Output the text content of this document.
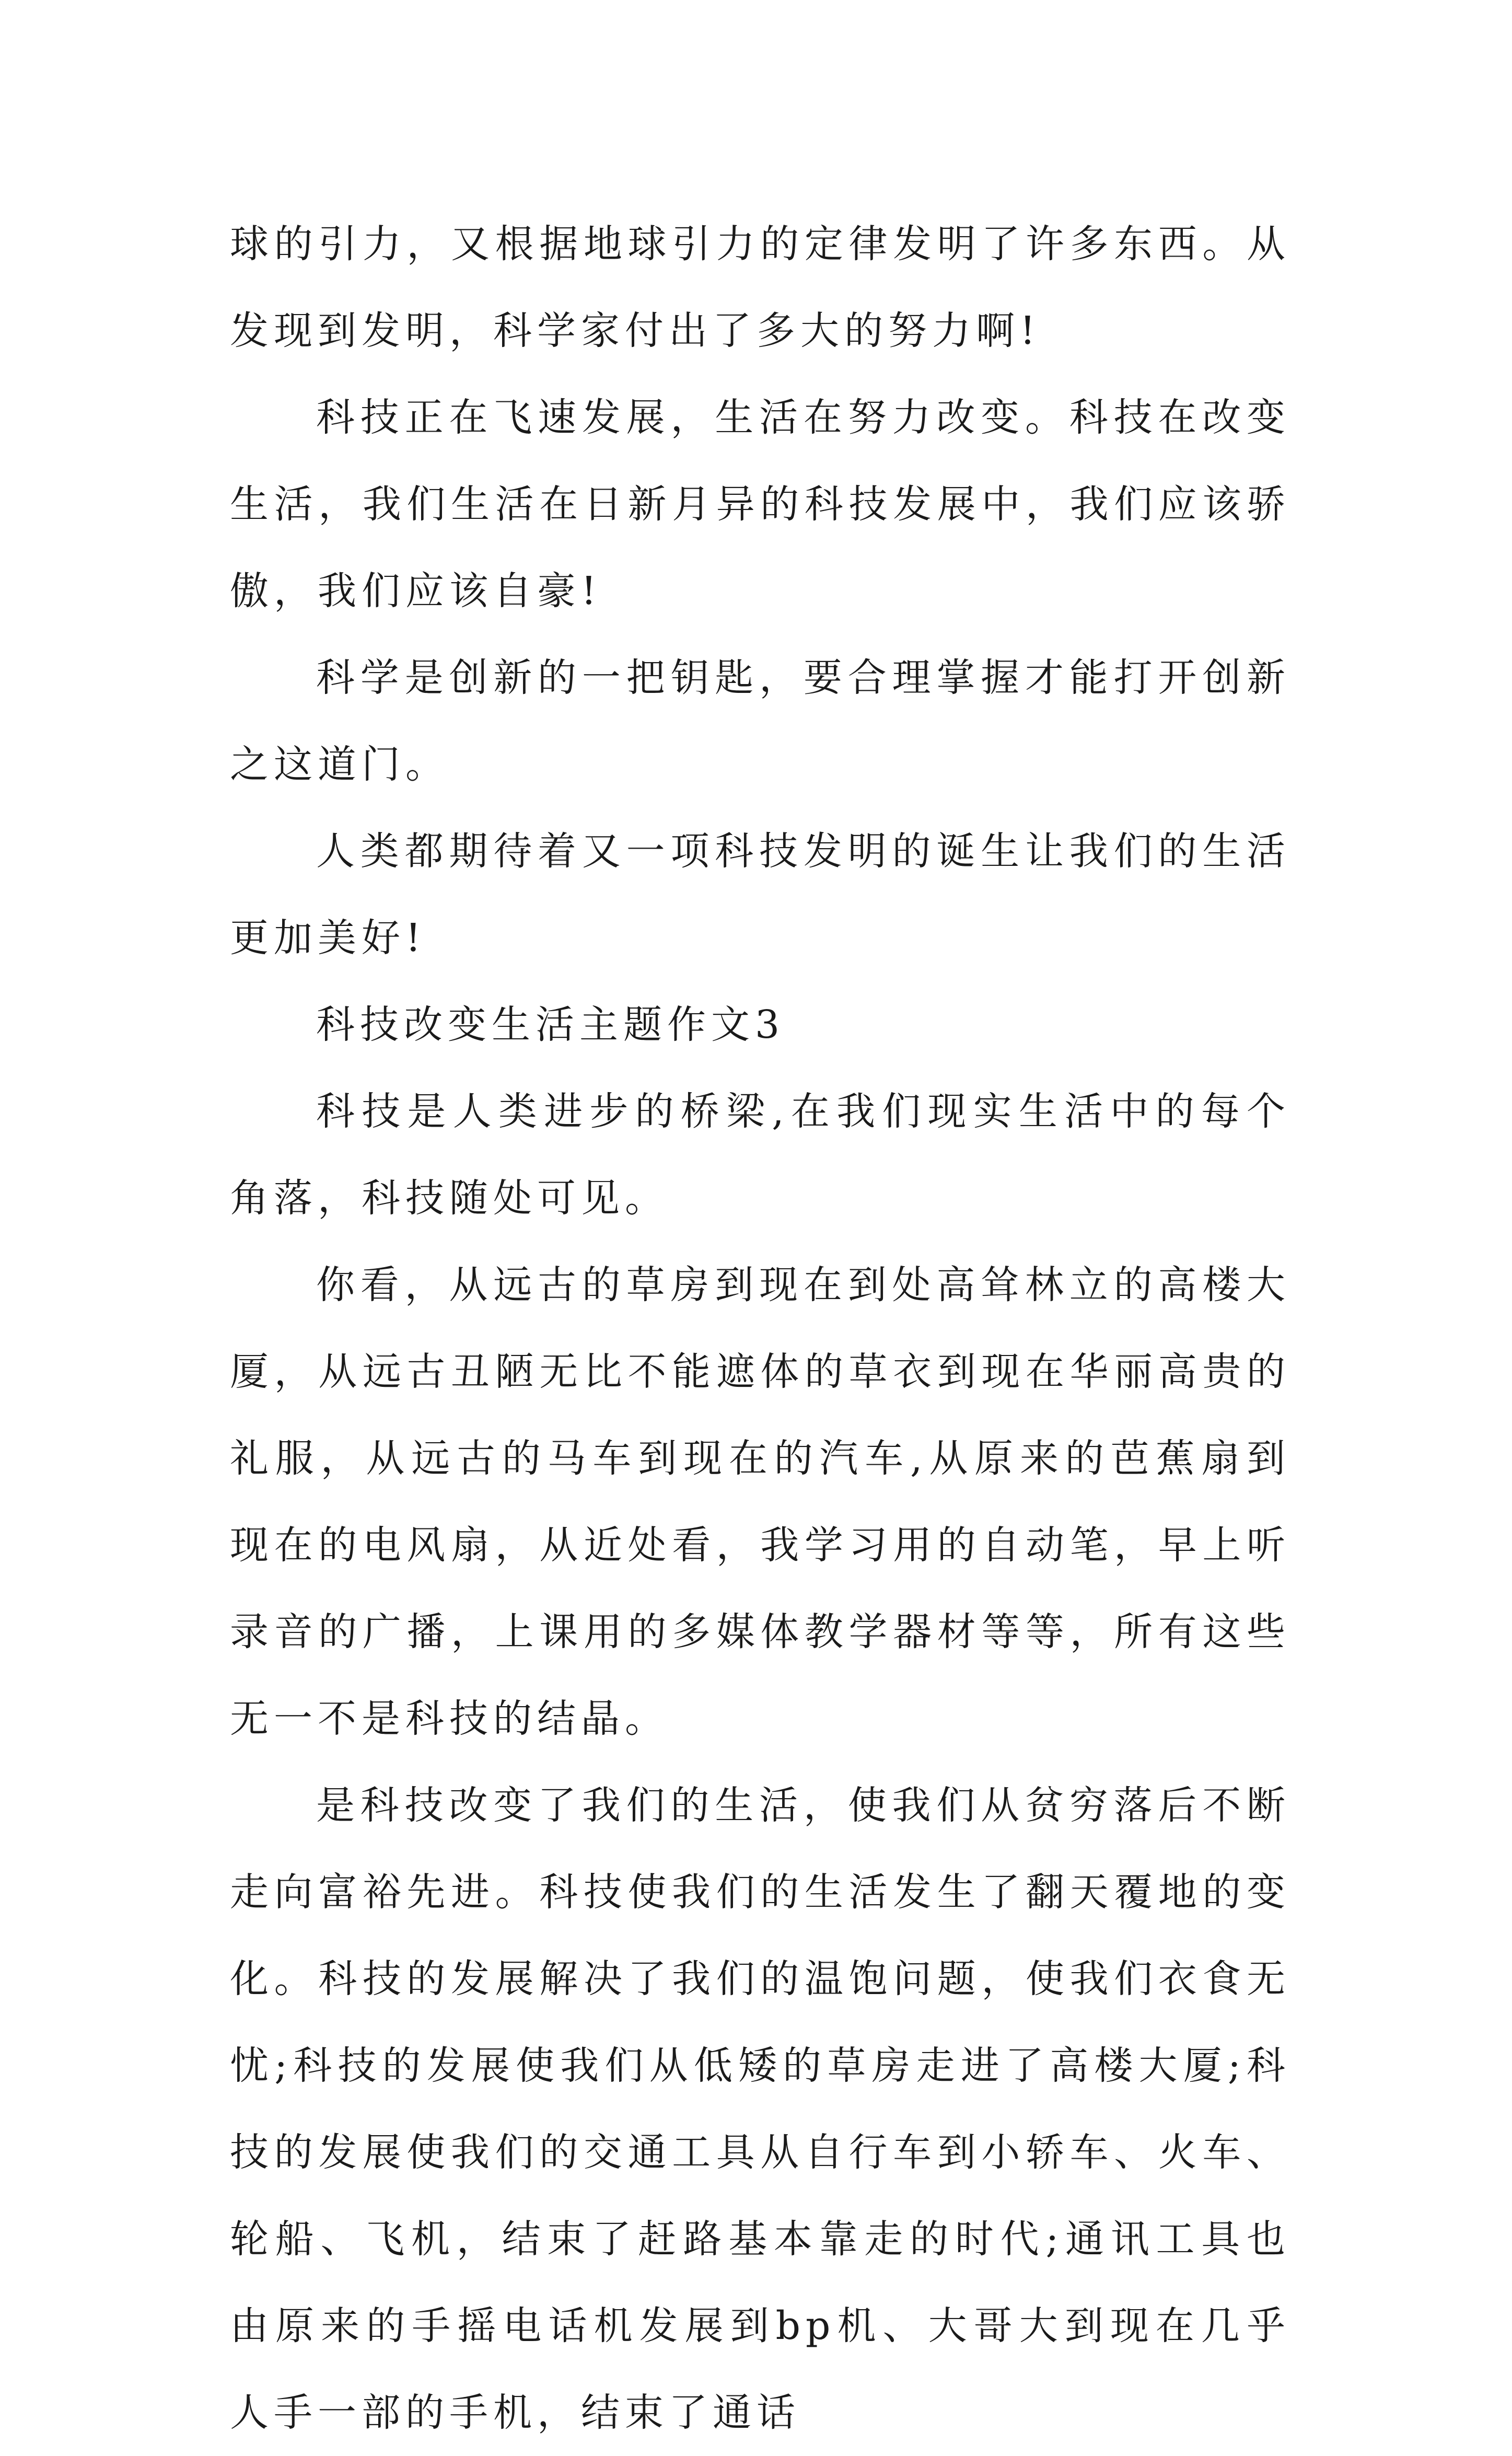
球的引力，又根据地球引力的定律发明了许多东西。从发现到发明，科学家付出了多大的努力啊!

科技正在飞速发展，生活在努力改变。科技在改变生活，我们生活在日新月异的科技发展中，我们应该骄傲，我们应该自豪!

科学是创新的一把钥匙，要合理掌握才能打开创新之这道门。

人类都期待着又一项科技发明的诞生让我们的生活更加美好!

科技改变生活主题作文3

科技是人类进步的桥梁,在我们现实生活中的每个角落，科技随处可见。

你看，从远古的草房到现在到处高耸林立的高楼大厦，从远古丑陋无比不能遮体的草衣到现在华丽高贵的礼服，从远古的马车到现在的汽车,从原来的芭蕉扇到现在的电风扇，从近处看，我学习用的自动笔，早上听录音的广播，上课用的多媒体教学器材等等，所有这些无一不是科技的结晶。

是科技改变了我们的生活，使我们从贫穷落后不断走向富裕先进。科技使我们的生活发生了翻天覆地的变化。科技的发展解决了我们的温饱问题，使我们衣食无忧;科技的发展使我们从低矮的草房走进了高楼大厦;科技的发展使我们的交通工具从自行车到小轿车、火车、轮船、飞机，结束了赶路基本靠走的时代;通讯工具也由原来的手摇电话机发展到bp机、大哥大到现在几乎人手一部的手机，结束了通话
